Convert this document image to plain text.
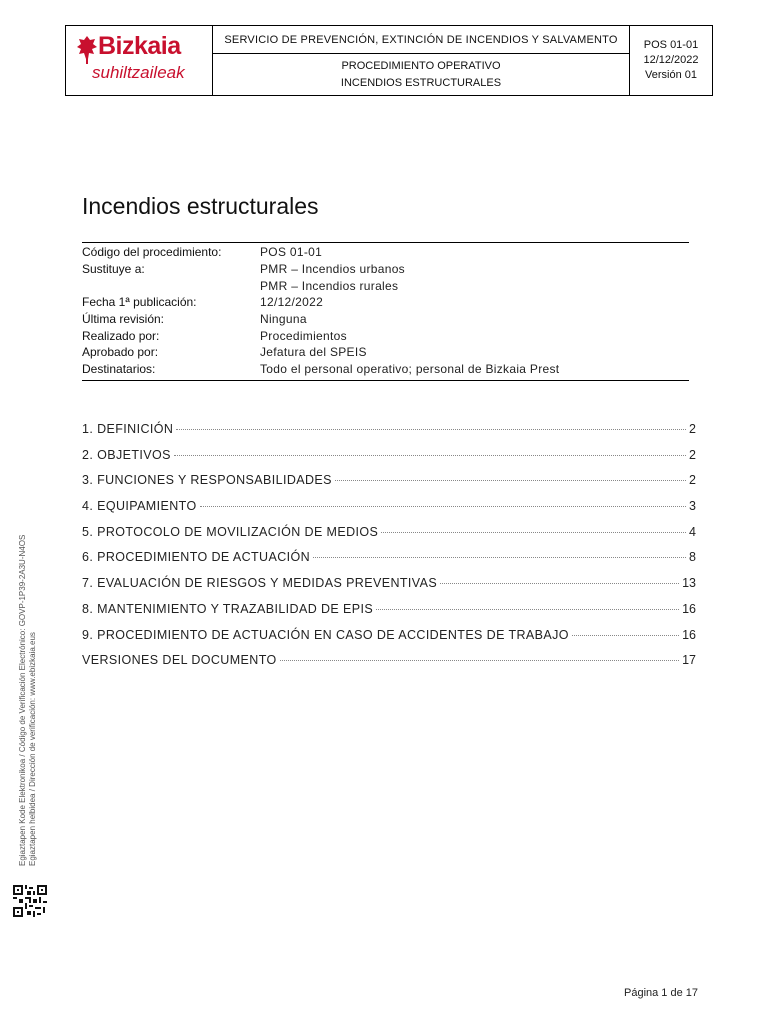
Bizkaia
suhiltzaileak
SERVICIO DE PREVENCIÓN, EXTINCIÓN DE INCENDIOS Y SALVAMENTO
PROCEDIMIENTO OPERATIVO
INCENDIOS ESTRUCTURALES
POS 01-01
12/12/2022
Versión 01
Incendios estructurales
Código del procedimiento:	POS 01-01
Sustituye a:	PMR – Incendios urbanos
PMR – Incendios rurales
Fecha 1ª publicación:	12/12/2022
Última revisión:	Ninguna
Realizado por:	Procedimientos
Aprobado por:	Jefatura del SPEIS
Destinatarios:	Todo el personal operativo; personal de Bizkaia Prest
1. DEFINICIÓN	2
2. OBJETIVOS	2
3. FUNCIONES Y RESPONSABILIDADES	2
4. EQUIPAMIENTO	3
5. PROTOCOLO DE MOVILIZACIÓN DE MEDIOS	4
6. PROCEDIMIENTO DE ACTUACIÓN	8
7. EVALUACIÓN DE RIESGOS Y MEDIDAS PREVENTIVAS	13
8. MANTENIMIENTO Y TRAZABILIDAD DE EPIS	16
9. PROCEDIMIENTO DE ACTUACIÓN EN CASO DE ACCIDENTES DE TRABAJO	16
VERSIONES DEL DOCUMENTO	17
Egiaztapen Kode Elektronikoa / Código de Verificación Electrónico: GOVP-1P39-2A3U-N4OS Egiaztapen helbidea / Dirección de verificación: www.ebizkaia.eus
Página 1 de 17
